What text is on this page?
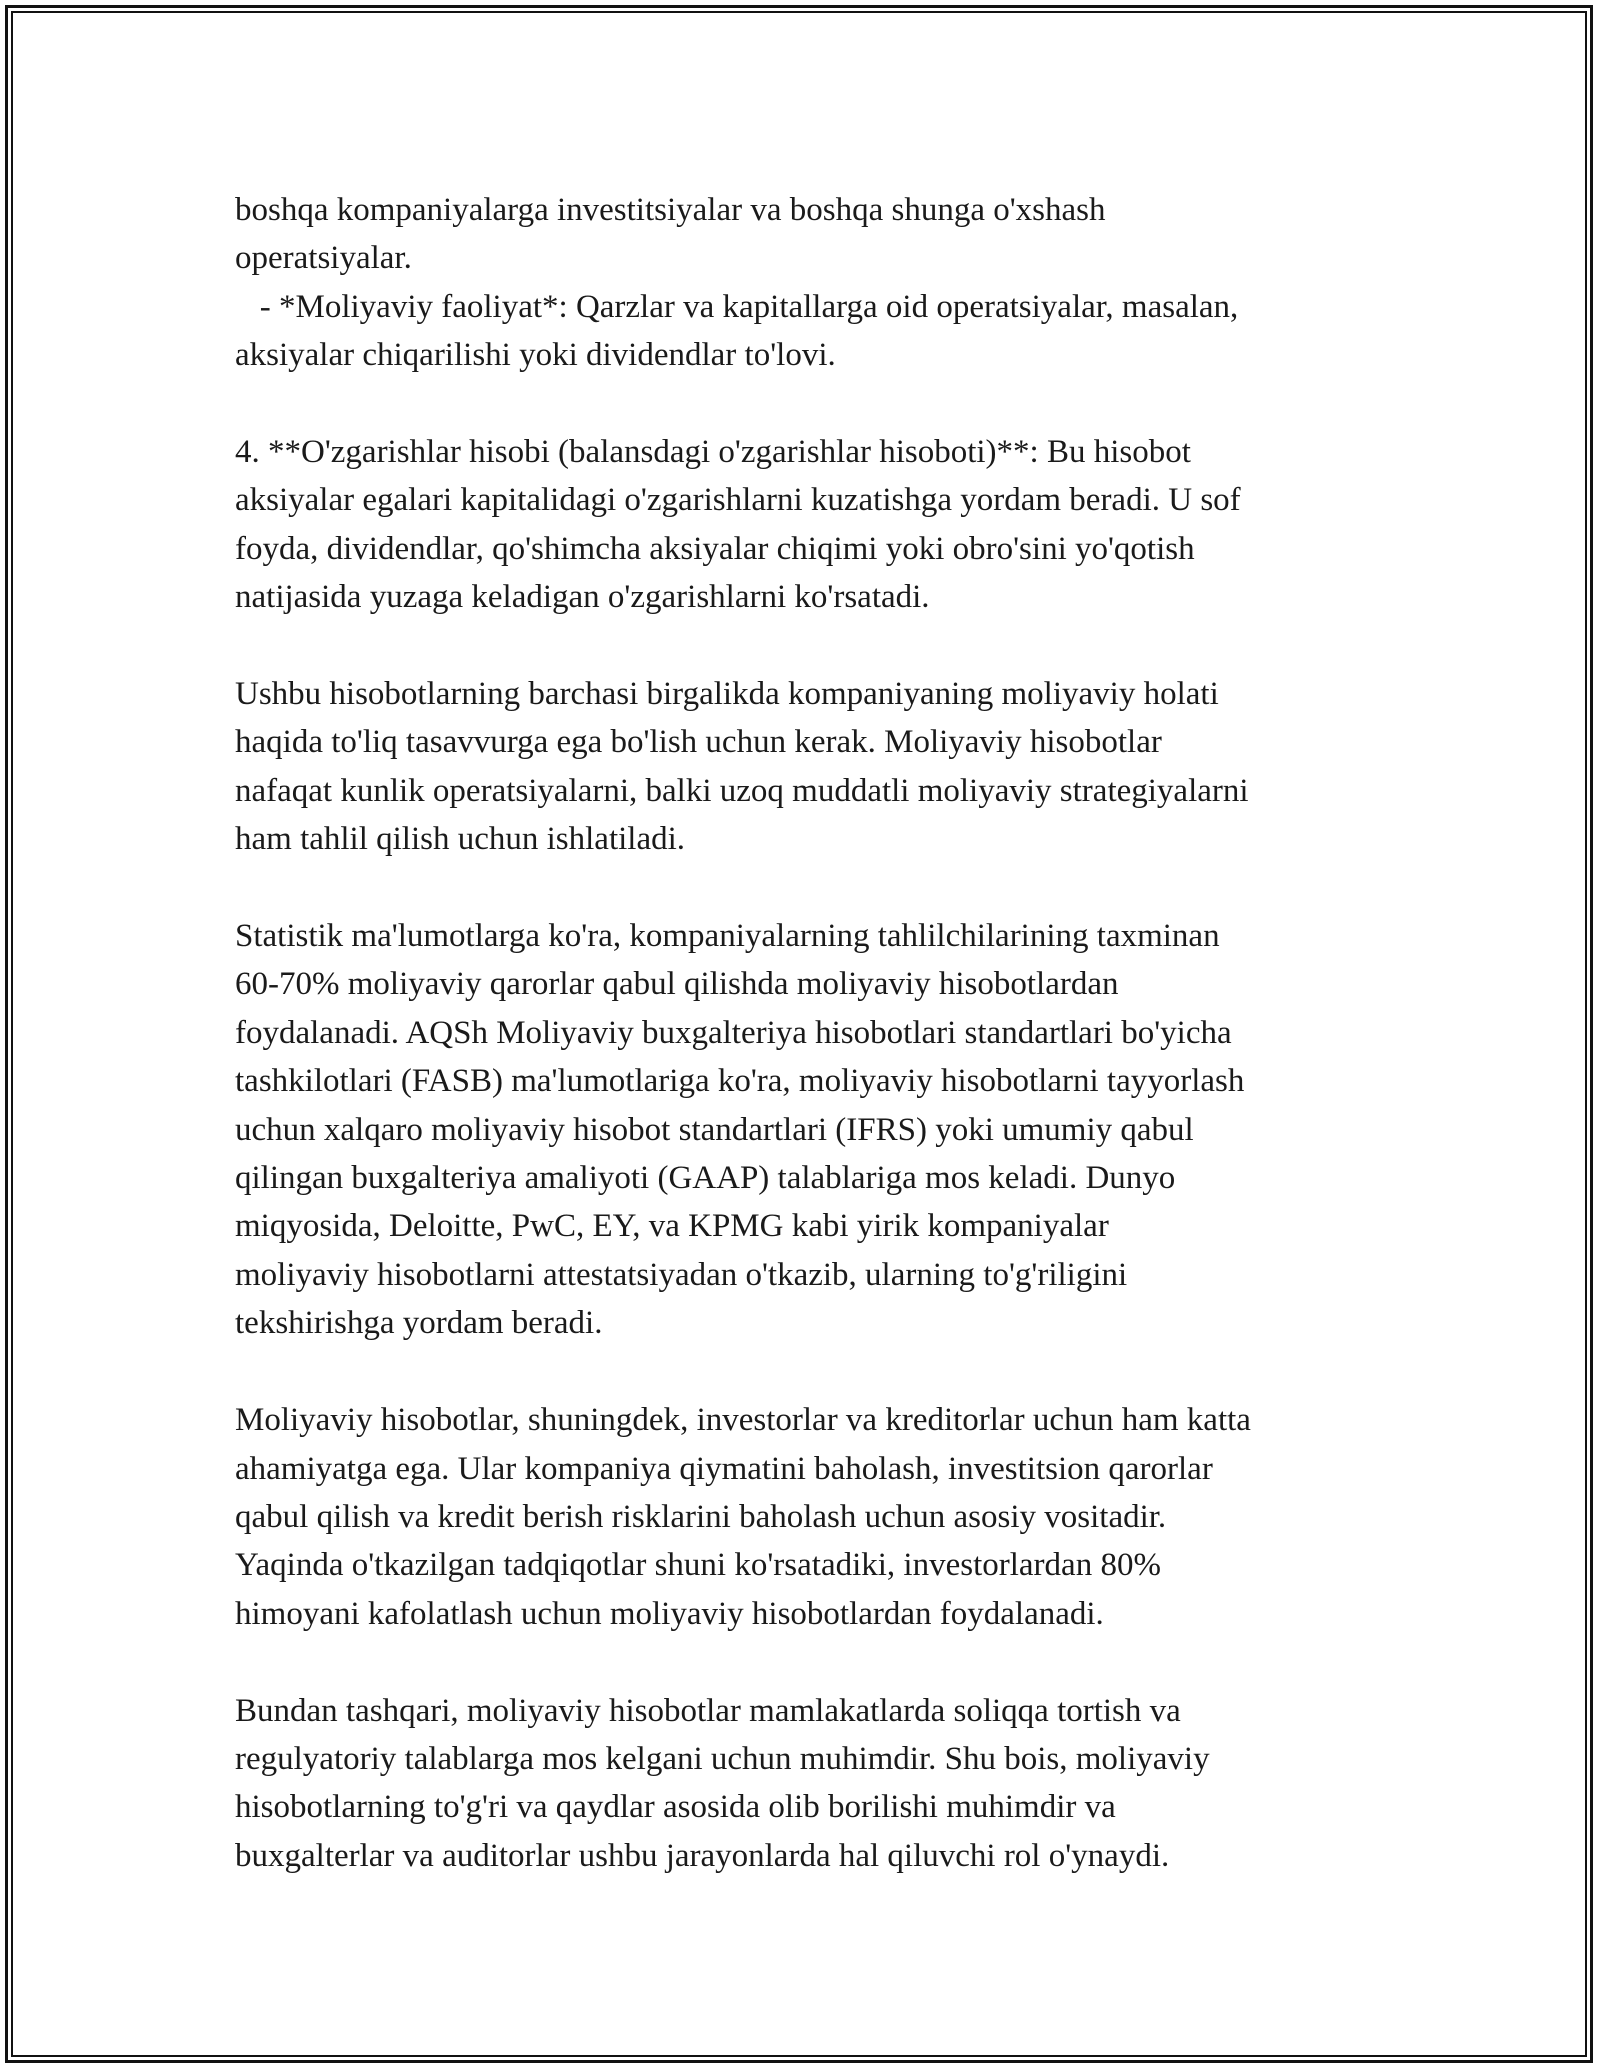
boshqa kompaniyalarga investitsiyalar va boshqa shunga o'xshash
operatsiyalar.
- *Moliyaviy faoliyat*: Qarzlar va kapitallarga oid operatsiyalar, masalan,
aksiyalar chiqarilishi yoki dividendlar to'lovi.
4. **O'zgarishlar hisobi (balansdagi o'zgarishlar hisoboti)**: Bu hisobot
aksiyalar egalari kapitalidagi o'zgarishlarni kuzatishga yordam beradi. U sof
foyda, dividendlar, qo'shimcha aksiyalar chiqimi yoki obro'sini yo'qotish
natijasida yuzaga keladigan o'zgarishlarni ko'rsatadi.
Ushbu hisobotlarning barchasi birgalikda kompaniyaning moliyaviy holati
haqida to'liq tasavvurga ega bo'lish uchun kerak. Moliyaviy hisobotlar
nafaqat kunlik operatsiyalarni, balki uzoq muddatli moliyaviy strategiyalarni
ham tahlil qilish uchun ishlatiladi.
Statistik ma'lumotlarga ko'ra, kompaniyalarning tahlilchilarining taxminan
60-70% moliyaviy qarorlar qabul qilishda moliyaviy hisobotlardan
foydalanadi. AQSh Moliyaviy buxgalteriya hisobotlari standartlari bo'yicha
tashkilotlari (FASB) ma'lumotlariga ko'ra, moliyaviy hisobotlarni tayyorlash
uchun xalqaro moliyaviy hisobot standartlari (IFRS) yoki umumiy qabul
qilingan buxgalteriya amaliyoti (GAAP) talablariga mos keladi. Dunyo
miqyosida, Deloitte, PwC, EY, va KPMG kabi yirik kompaniyalar
moliyaviy hisobotlarni attestatsiyadan o'tkazib, ularning to'g'riligini
tekshirishga yordam beradi.
Moliyaviy hisobotlar, shuningdek, investorlar va kreditorlar uchun ham katta
ahamiyatga ega. Ular kompaniya qiymatini baholash, investitsion qarorlar
qabul qilish va kredit berish risklarini baholash uchun asosiy vositadir.
Yaqinda o'tkazilgan tadqiqotlar shuni ko'rsatadiki, investorlardan 80%
himoyani kafolatlash uchun moliyaviy hisobotlardan foydalanadi.
Bundan tashqari, moliyaviy hisobotlar mamlakatlarda soliqqa tortish va
regulyatoriy talablarga mos kelgani uchun muhimdir. Shu bois, moliyaviy
hisobotlarning to'g'ri va qaydlar asosida olib borilishi muhimdir va
buxgalterlar va auditorlar ushbu jarayonlarda hal qiluvchi rol o'ynaydi.
